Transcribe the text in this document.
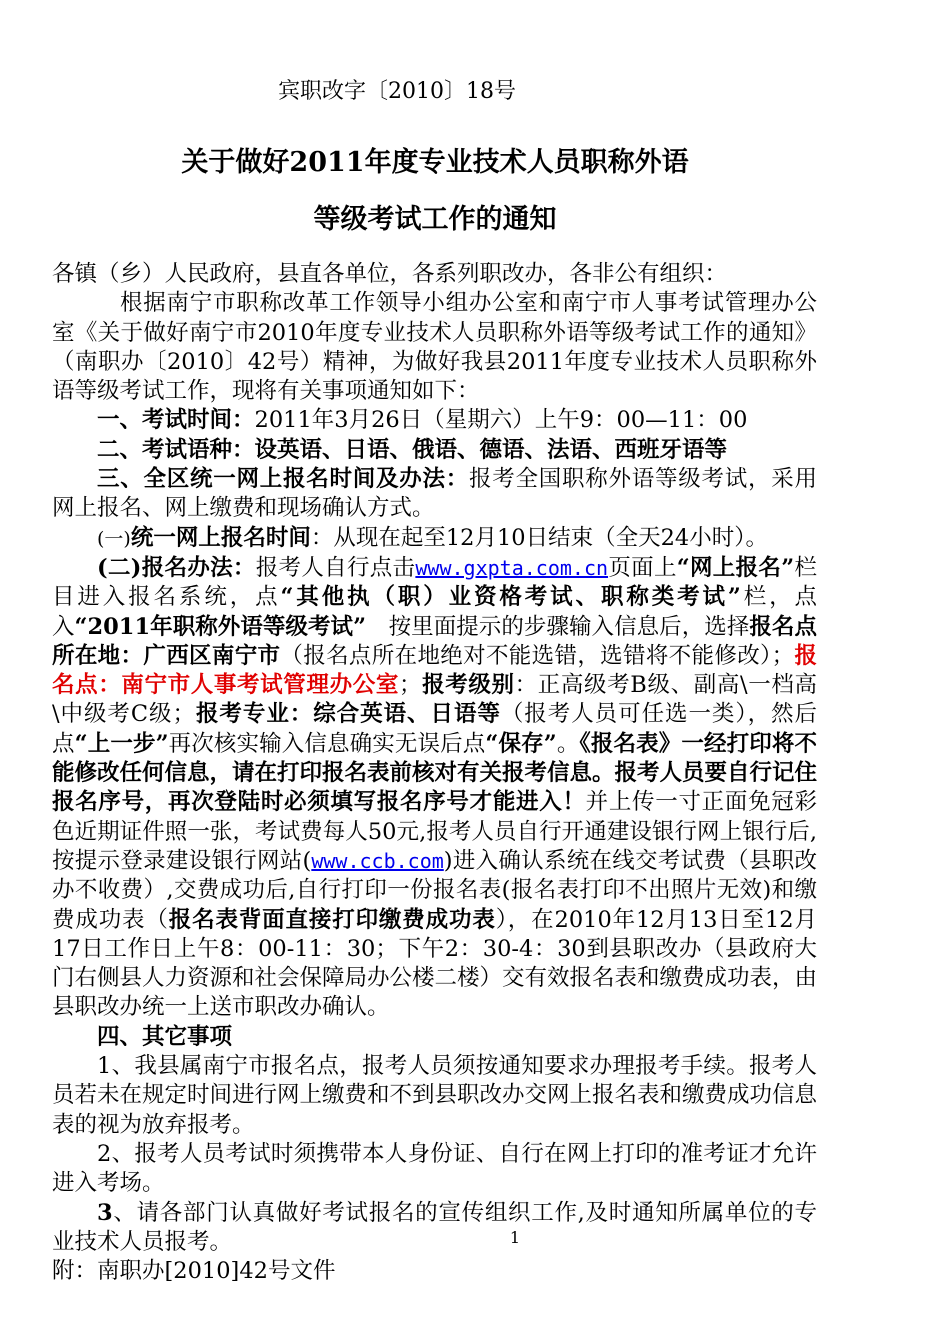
宾职改字〔2010〕18号
关于做好2011年度专业技术人员职称外语
等级考试工作的通知

各镇（乡）人民政府，县直各单位，各系列职改办，各非公有组织：

根据南宁市职称改革工作领导小组办公室和南宁市人事考试管理办公室《关于做好南宁市2010年度专业技术人员职称外语等级考试工作的通知》（南职办〔2010〕42号）精神，为做好我县2011年度专业技术人员职称外语等级考试工作，现将有关事项通知如下：

一、考试时间：2011年3月26日（星期六）上午9：00—11：00

二、考试语种：设英语、日语、俄语、德语、法语、西班牙语等

三、全区统一网上报名时间及办法：报考全国职称外语等级考试，采用网上报名、网上缴费和现场确认方式。

(一)统一网上报名时间：从现在起至12月10日结束（全天24小时）。

(二)报名办法：报考人自行点击www.gxpta.com.cn页面上“网上报名”栏目进入报名系统，点“其他执（职）业资格考试、职称类考试”栏，点入“2011年职称外语等级考试”　按里面提示的步骤输入信息后，选择报名点所在地：广西区南宁市（报名点所在地绝对不能选错，选错将不能修改）；报名点：南宁市人事考试管理办公室；报考级别：正高级考B级、副高\一档高\中级考C级；报考专业：综合英语、日语等（报考人员可任选一类），然后点“上一步”再次核实输入信息确实无误后点“保存”。《报名表》一经打印将不能修改任何信息，请在打印报名表前核对有关报考信息。报考人员要自行记住报名序号，再次登陆时必须填写报名序号才能进入！并上传一寸正面免冠彩色近期证件照一张，考试费每人50元,报考人员自行开通建设银行网上银行后,按提示登录建设银行网站(www.ccb.com)进入确认系统在线交考试费（县职改办不收费）,交费成功后,自行打印一份报名表(报名表打印不出照片无效)和缴费成功表（报名表背面直接打印缴费成功表），在2010年12月13日至12月17日工作日上午8：00-11：30；下午2：30-4：30到县职改办（县政府大门右侧县人力资源和社会保障局办公楼二楼）交有效报名表和缴费成功表，由县职改办统一上送市职改办确认。

四、其它事项

1、我县属南宁市报名点，报考人员须按通知要求办理报考手续。报考人员若未在规定时间进行网上缴费和不到县职改办交网上报名表和缴费成功信息表的视为放弃报考。

2、报考人员考试时须携带本人身份证、自行在网上打印的准考证才允许进入考场。

3、请各部门认真做好考试报名的宣传组织工作,及时通知所属单位的专业技术人员报考。

附：南职办[2010]42号文件

1
